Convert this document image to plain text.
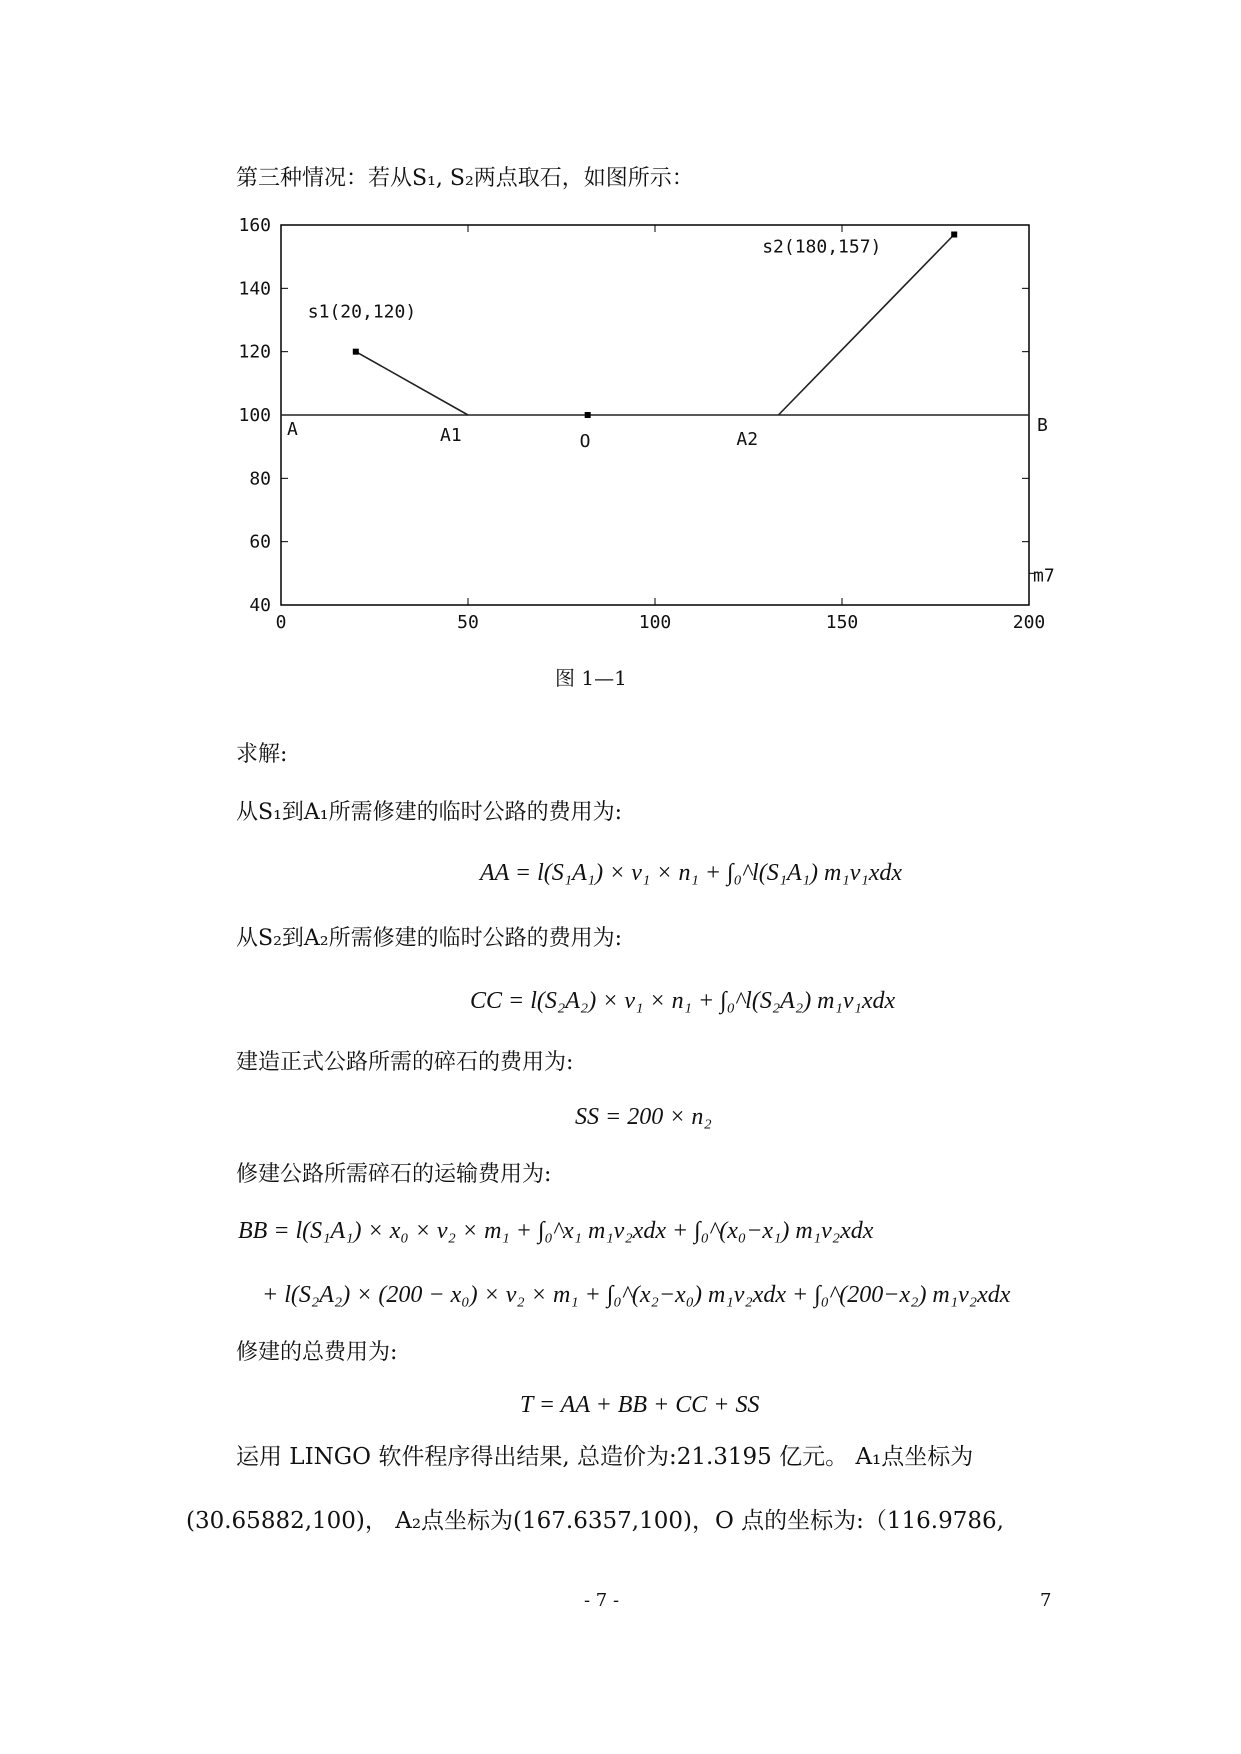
第三种情况：若从S₁, S₂两点取石，如图所示：
0	50	100	150	200
40
60
80
100
120
140
160
s1(20,120)
s2(180,157)
A	A1	O	A2
B
m7
图 1—1
求解:
从S₁到A₁所需修建的临时公路的费用为:
AA = l(S₁A₁) × v₁ × n₁ + ∫₀^l(S₁A₁) m₁v₁xdx
从S₂到A₂所需修建的临时公路的费用为:
CC = l(S₂A₂) × v₁ × n₁ + ∫₀^l(S₂A₂) m₁v₁xdx
建造正式公路所需的碎石的费用为:
SS = 200 × n₂
修建公路所需碎石的运输费用为:
BB = l(S₁A₁) × x₀ × v₂ × m₁ + ∫₀^x₁ m₁v₂xdx + ∫₀^(x₀−x₁) m₁v₂xdx
+ l(S₂A₂) × (200 − x₀) × v₂ × m₁ + ∫₀^(x₂−x₀) m₁v₂xdx + ∫₀^(200−x₂) m₁v₂xdx
修建的总费用为:
T = AA + BB + CC + SS
运用 LINGO 软件程序得出结果, 总造价为:21.3195 亿元。 A₁点坐标为
(30.65882,100)， A₂点坐标为(167.6357,100)，O 点的坐标为:（116.9786,
- 7 -	7
